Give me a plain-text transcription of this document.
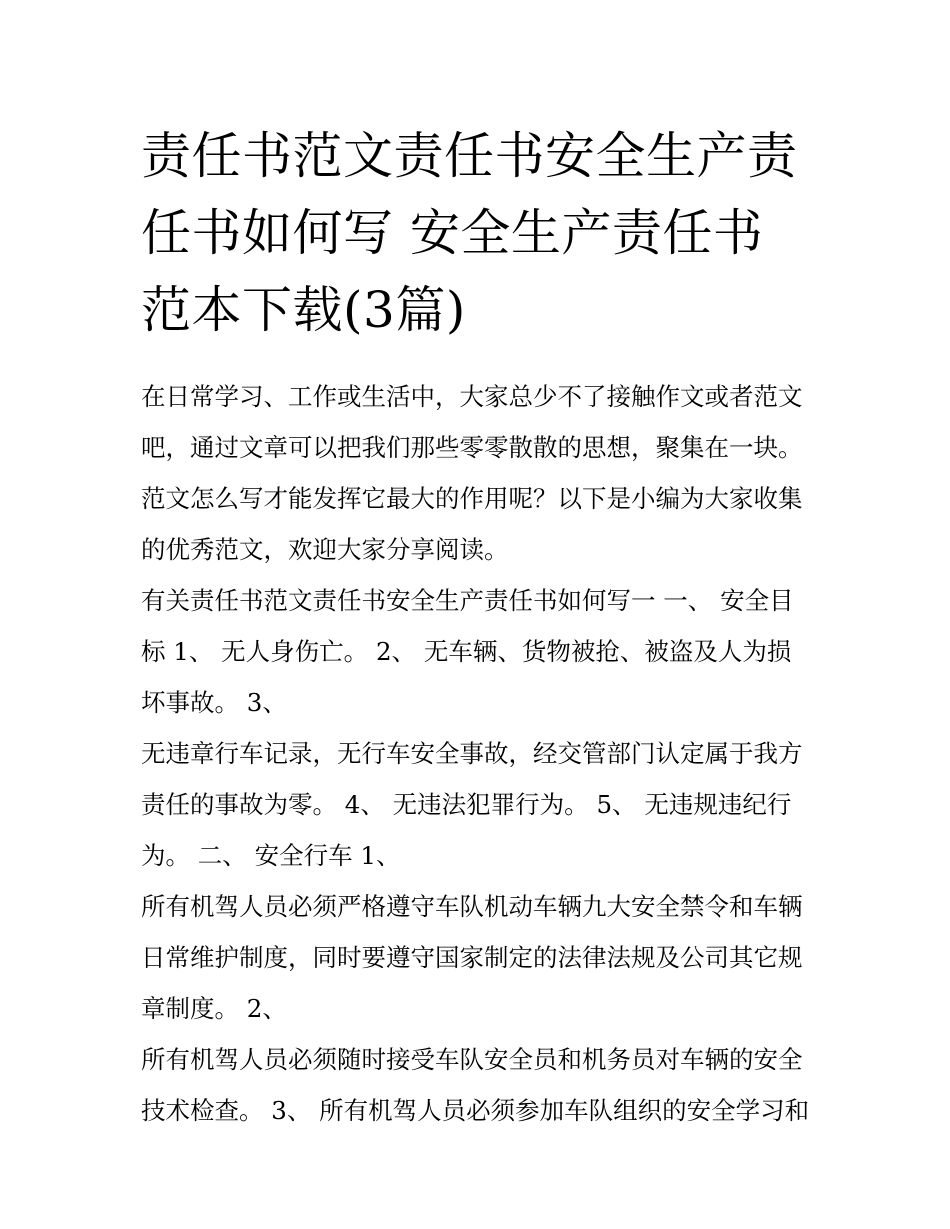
责任书范文责任书安全生产责任书如何写 安全生产责任书范本下载(3篇)

在日常学习、工作或生活中，大家总少不了接触作文或者范文吧，通过文章可以把我们那些零零散散的思想，聚集在一块。范文怎么写才能发挥它最大的作用呢？以下是小编为大家收集的优秀范文，欢迎大家分享阅读。

有关责任书范文责任书安全生产责任书如何写一 一、 安全目标 1、 无人身伤亡。 2、 无车辆、货物被抢、被盗及人为损坏事故。 3、

无违章行车记录，无行车安全事故，经交管部门认定属于我方责任的事故为零。 4、 无违法犯罪行为。 5、 无违规违纪行为。 二、 安全行车 1、

所有机驾人员必须严格遵守车队机动车辆九大安全禁令和车辆日常维护制度，同时要遵守国家制定的法律法规及公司其它规章制度。 2、

所有机驾人员必须随时接受车队安全员和机务员对车辆的安全技术检查。 3、 所有机驾人员必须参加车队组织的安全学习和
